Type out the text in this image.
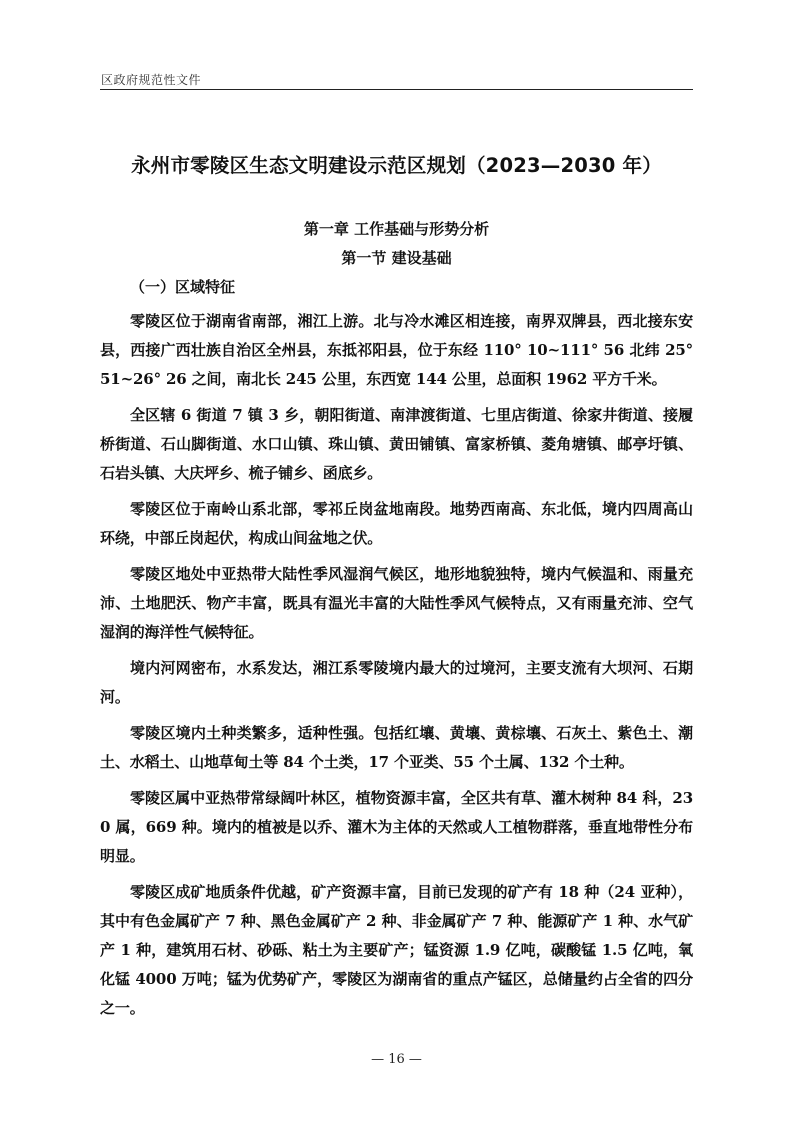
区政府规范性文件
永州市零陵区生态文明建设示范区规划（2023—2030 年）
第一章 工作基础与形势分析
第一节 建设基础
（一）区域特征

零陵区位于湖南省南部，湘江上游。北与冷水滩区相连接，南界双牌县，西北接东安县，西接广西壮族自治区全州县，东抵祁阳县，位于东经 110° 10~111° 56 北纬 25° 51~26° 26 之间，南北长 245 公里，东西宽 144 公里，总面积 1962 平方千米。

全区辖 6 街道 7 镇 3 乡，朝阳街道、南津渡街道、七里店街道、徐家井街道、接履桥街道、石山脚街道、水口山镇、珠山镇、黄田铺镇、富家桥镇、菱角塘镇、邮亭圩镇、石岩头镇、大庆坪乡、梳子铺乡、函底乡。

零陵区位于南岭山系北部，零祁丘岗盆地南段。地势西南高、东北低，境内四周高山环绕，中部丘岗起伏，构成山间盆地之伏。

零陵区地处中亚热带大陆性季风湿润气候区，地形地貌独特，境内气候温和、雨量充沛、土地肥沃、物产丰富，既具有温光丰富的大陆性季风气候特点，又有雨量充沛、空气湿润的海洋性气候特征。

境内河网密布，水系发达，湘江系零陵境内最大的过境河，主要支流有大坝河、石期河。

零陵区境内土种类繁多，适种性强。包括红壤、黄壤、黄棕壤、石灰土、紫色土、潮土、水稻土、山地草甸土等 84 个土类，17 个亚类、55 个土属、132 个土种。

零陵区属中亚热带常绿阔叶林区，植物资源丰富，全区共有草、灌木树种 84 科，230 属，669 种。境内的植被是以乔、灌木为主体的天然或人工植物群落，垂直地带性分布明显。

零陵区成矿地质条件优越，矿产资源丰富，目前已发现的矿产有 18 种（24 亚种），其中有色金属矿产 7 种、黑色金属矿产 2 种、非金属矿产 7 种、能源矿产 1 种、水气矿产 1 种，建筑用石材、砂砾、粘土为主要矿产；锰资源 1.9 亿吨，碳酸锰 1.5 亿吨，氧化锰 4000 万吨；锰为优势矿产，零陵区为湖南省的重点产锰区，总储量约占全省的四分之一。

— 16 —
